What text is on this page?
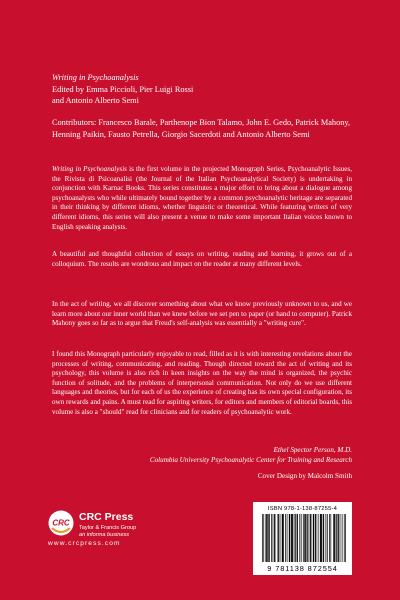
Writing in Psychoanalysis
Edited by Emma Piccioli, Pier Luigi Rossi
and Antonio Alberto Semi
Contributors: Francesco Barale, Parthenope Bion Talamo, John E. Gedo, Patrick Mahony, Henning Paikin, Fausto Petrella, Giorgio Sacerdoti and Antonio Alberto Semi
Writing in Psychoanalysis is the first volume in the projected Monograph Series, Psychoanalytic Issues, the Rivista di Psicoanalisi (the Journal of the Italian Psychoanalytical Society) is undertaking in conjunction with Karnac Books. This series constitutes a major effort to bring about a dialogue among psychoanalysts who while ultimately bound together by a common psychoanalytic heritage are separated in their thinking by different idioms, whether linguistic or theoretical. While featuring writers of very different idioms, this series will also present a venue to make some important Italian voices known to English speaking analysts.
A beautiful and thoughtful collection of essays on writing, reading and learning, it grows out of a colloquium. The results are wondrous and impact on the reader at many different levels.
In the act of writing, we all discover something about what we know previously unknown to us, and we learn more about our inner world than we knew before we set pen to paper (or hand to computer). Patrick Mahony goes so far as to argue that Freud's self-analysis was essentially a "writing cure".
I found this Monograph particularly enjoyable to read, filled as it is with interesting revelations about the processes of writing, communicating, and reading. Though directed toward the act of writing and its psychology, this volume is also rich in keen insights on the way the mind is organized, the psychic function of solitude, and the problems of interpersonal communication. Not only do we use different languages and theories, but for each of us the experience of creating has its own special configuration, its own rewards and pains. A must read for aspiring writers, for editors and members of editorial boards, this volume is also a "should" read for clinicians and for readers of psychoanalytic work.
Ethel Spector Person, M.D.
Columbia University Psychoanalytic Center for Training and Research
Cover Design by Malcolm Smith
CRC CRC Press
Taylor & Francis Group
an informa business
www.crcpress.com
ISBN 978-1-138-87255-4
9 781138 872554
